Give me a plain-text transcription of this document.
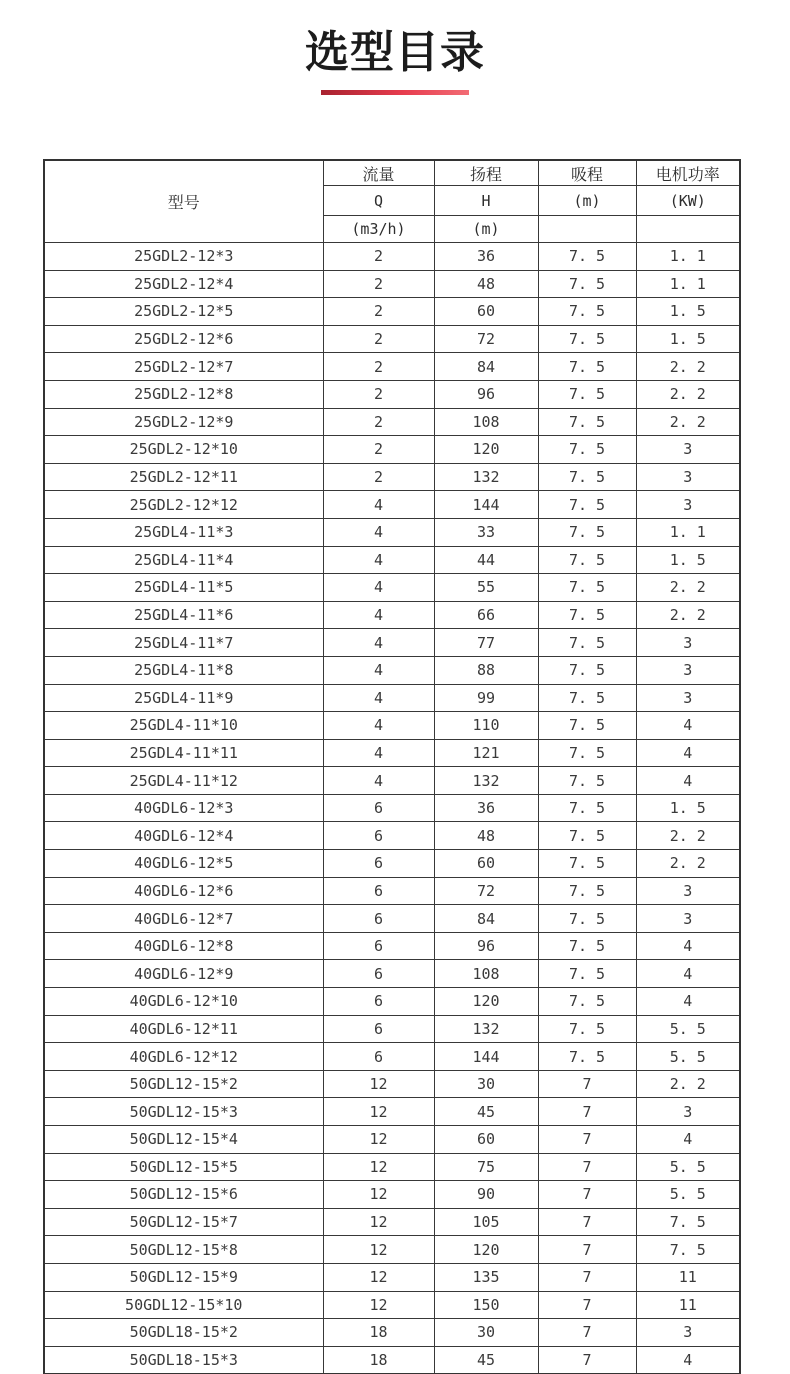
选型目录
型号	流量	扬程	吸程	电机功率
	Q	H	(m)	(KW)
	(m3/h)	(m)		
25GDL2-12*3	2	36	7. 5	1. 1
25GDL2-12*4	2	48	7. 5	1. 1
25GDL2-12*5	2	60	7. 5	1. 5
25GDL2-12*6	2	72	7. 5	1. 5
25GDL2-12*7	2	84	7. 5	2. 2
25GDL2-12*8	2	96	7. 5	2. 2
25GDL2-12*9	2	108	7. 5	2. 2
25GDL2-12*10	2	120	7. 5	3
25GDL2-12*11	2	132	7. 5	3
25GDL2-12*12	4	144	7. 5	3
25GDL4-11*3	4	33	7. 5	1. 1
25GDL4-11*4	4	44	7. 5	1. 5
25GDL4-11*5	4	55	7. 5	2. 2
25GDL4-11*6	4	66	7. 5	2. 2
25GDL4-11*7	4	77	7. 5	3
25GDL4-11*8	4	88	7. 5	3
25GDL4-11*9	4	99	7. 5	3
25GDL4-11*10	4	110	7. 5	4
25GDL4-11*11	4	121	7. 5	4
25GDL4-11*12	4	132	7. 5	4
40GDL6-12*3	6	36	7. 5	1. 5
40GDL6-12*4	6	48	7. 5	2. 2
40GDL6-12*5	6	60	7. 5	2. 2
40GDL6-12*6	6	72	7. 5	3
40GDL6-12*7	6	84	7. 5	3
40GDL6-12*8	6	96	7. 5	4
40GDL6-12*9	6	108	7. 5	4
40GDL6-12*10	6	120	7. 5	4
40GDL6-12*11	6	132	7. 5	5. 5
40GDL6-12*12	6	144	7. 5	5. 5
50GDL12-15*2	12	30	7	2. 2
50GDL12-15*3	12	45	7	3
50GDL12-15*4	12	60	7	4
50GDL12-15*5	12	75	7	5. 5
50GDL12-15*6	12	90	7	5. 5
50GDL12-15*7	12	105	7	7. 5
50GDL12-15*8	12	120	7	7. 5
50GDL12-15*9	12	135	7	11
50GDL12-15*10	12	150	7	11
50GDL18-15*2	18	30	7	3
50GDL18-15*3	18	45	7	4
